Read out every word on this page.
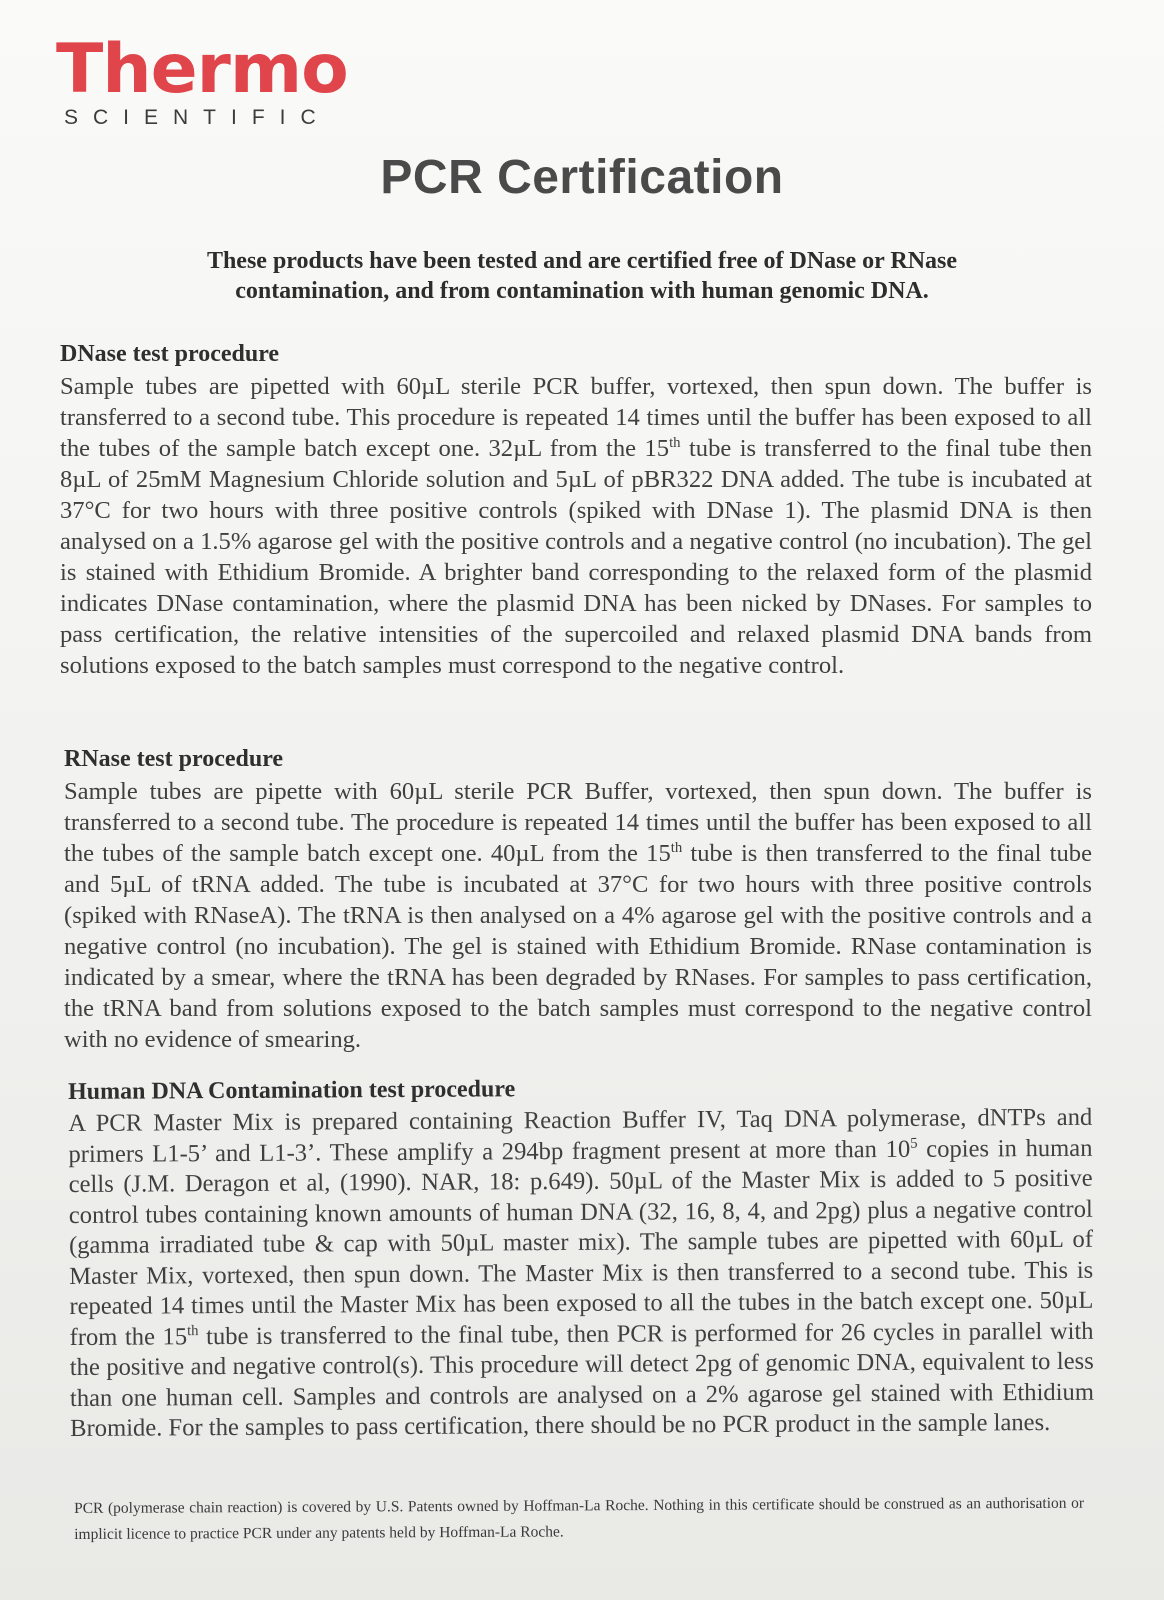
Thermo
SCIENTIFIC
PCR Certification
These products have been tested and are certified free of DNase or RNase contamination, and from contamination with human genomic DNA.
DNase test procedure

Sample tubes are pipetted with 60µL sterile PCR buffer, vortexed, then spun down. The buffer is transferred to a second tube. This procedure is repeated 14 times until the buffer has been exposed to all the tubes of the sample batch except one. 32µL from the 15th tube is transferred to the final tube then 8µL of 25mM Magnesium Chloride solution and 5µL of pBR322 DNA added. The tube is incubated at 37°C for two hours with three positive controls (spiked with DNase 1). The plasmid DNA is then analysed on a 1.5% agarose gel with the positive controls and a negative control (no incubation). The gel is stained with Ethidium Bromide. A brighter band corresponding to the relaxed form of the plasmid indicates DNase contamination, where the plasmid DNA has been nicked by DNases. For samples to pass certification, the relative intensities of the supercoiled and relaxed plasmid DNA bands from solutions exposed to the batch samples must correspond to the negative control.

RNase test procedure

Sample tubes are pipette with 60µL sterile PCR Buffer, vortexed, then spun down. The buffer is transferred to a second tube. The procedure is repeated 14 times until the buffer has been exposed to all the tubes of the sample batch except one. 40µL from the 15th tube is then transferred to the final tube and 5µL of tRNA added. The tube is incubated at 37°C for two hours with three positive controls (spiked with RNaseA). The tRNA is then analysed on a 4% agarose gel with the positive controls and a negative control (no incubation). The gel is stained with Ethidium Bromide. RNase contamination is indicated by a smear, where the tRNA has been degraded by RNases. For samples to pass certification, the tRNA band from solutions exposed to the batch samples must correspond to the negative control with no evidence of smearing.

Human DNA Contamination test procedure

A PCR Master Mix is prepared containing Reaction Buffer IV, Taq DNA polymerase, dNTPs and primers L1-5’ and L1-3’. These amplify a 294bp fragment present at more than $10^5$ copies in human cells (J.M. Deragon et al, (1990). NAR, 18: p.649). 50µL of the Master Mix is added to 5 positive control tubes containing known amounts of human DNA (32, 16, 8, 4, and 2pg) plus a negative control (gamma irradiated tube & cap with 50µL master mix). The sample tubes are pipetted with 60µL of Master Mix, vortexed, then spun down. The Master Mix is then transferred to a second tube. This is repeated 14 times until the Master Mix has been exposed to all the tubes in the batch except one. 50µL from the 15th tube is transferred to the final tube, then PCR is performed for 26 cycles in parallel with the positive and negative control(s). This procedure will detect 2pg of genomic DNA, equivalent to less than one human cell. Samples and controls are analysed on a 2% agarose gel stained with Ethidium Bromide. For the samples to pass certification, there should be no PCR product in the sample lanes.

PCR (polymerase chain reaction) is covered by U.S. Patents owned by Hoffman-La Roche. Nothing in this certificate should be construed as an authorisation or implicit licence to practice PCR under any patents held by Hoffman-La Roche.
